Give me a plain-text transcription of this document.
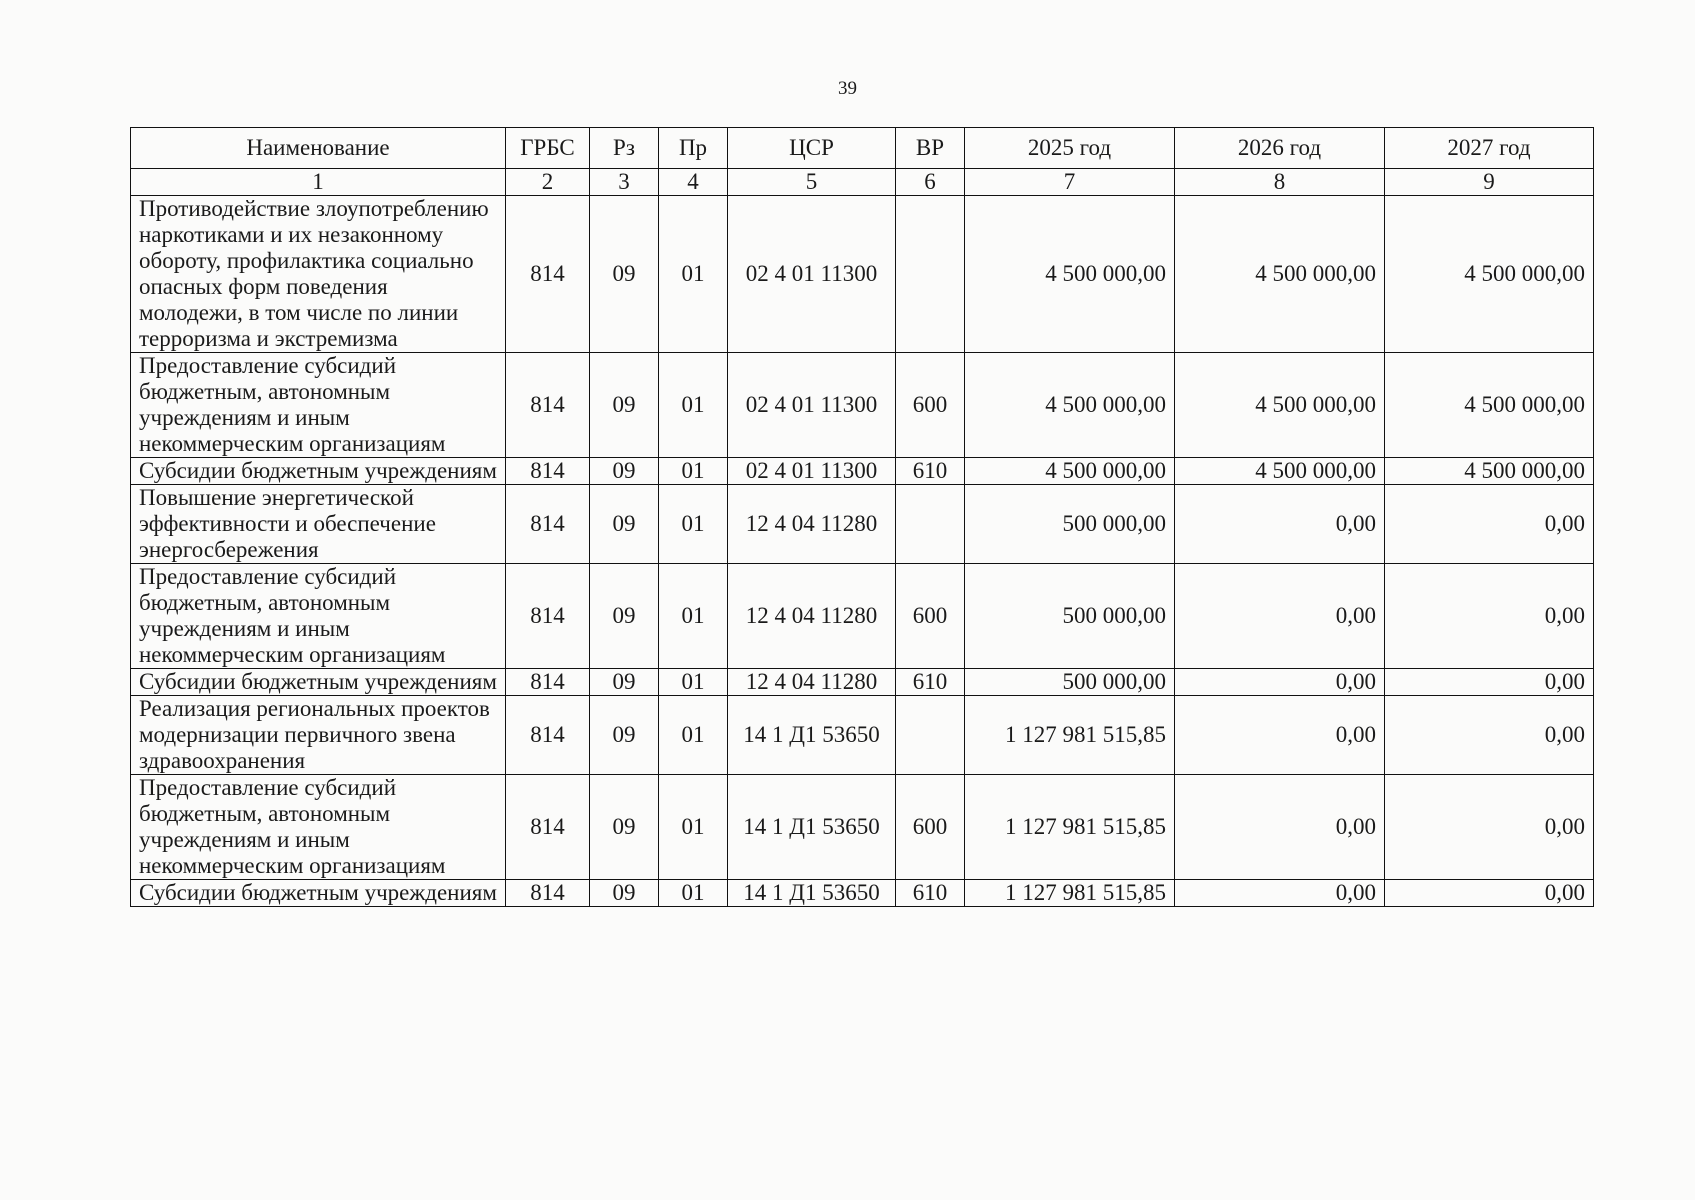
39
Наименование	ГРБС	Рз	Пр	ЦСР	ВР	2025 год	2026 год	2027 год
1	2	3	4	5	6	7	8	9
Противодействие злоупотреблению наркотиками и их незаконному обороту, профилактика социально опасных форм поведения молодежи, в том числе по линии терроризма и экстремизма	814	09	01	02 4 01 11300		4 500 000,00	4 500 000,00	4 500 000,00
Предоставление субсидий бюджетным, автономным учреждениям и иным некоммерческим организациям	814	09	01	02 4 01 11300	600	4 500 000,00	4 500 000,00	4 500 000,00
Субсидии бюджетным учреждениям	814	09	01	02 4 01 11300	610	4 500 000,00	4 500 000,00	4 500 000,00
Повышение энергетической эффективности и обеспечение энергосбережения	814	09	01	12 4 04 11280		500 000,00	0,00	0,00
Предоставление субсидий бюджетным, автономным учреждениям и иным некоммерческим организациям	814	09	01	12 4 04 11280	600	500 000,00	0,00	0,00
Субсидии бюджетным учреждениям	814	09	01	12 4 04 11280	610	500 000,00	0,00	0,00
Реализация региональных проектов модернизации первичного звена здравоохранения	814	09	01	14 1 Д1 53650		1 127 981 515,85	0,00	0,00
Предоставление субсидий бюджетным, автономным учреждениям и иным некоммерческим организациям	814	09	01	14 1 Д1 53650	600	1 127 981 515,85	0,00	0,00
Субсидии бюджетным учреждениям	814	09	01	14 1 Д1 53650	610	1 127 981 515,85	0,00	0,00
